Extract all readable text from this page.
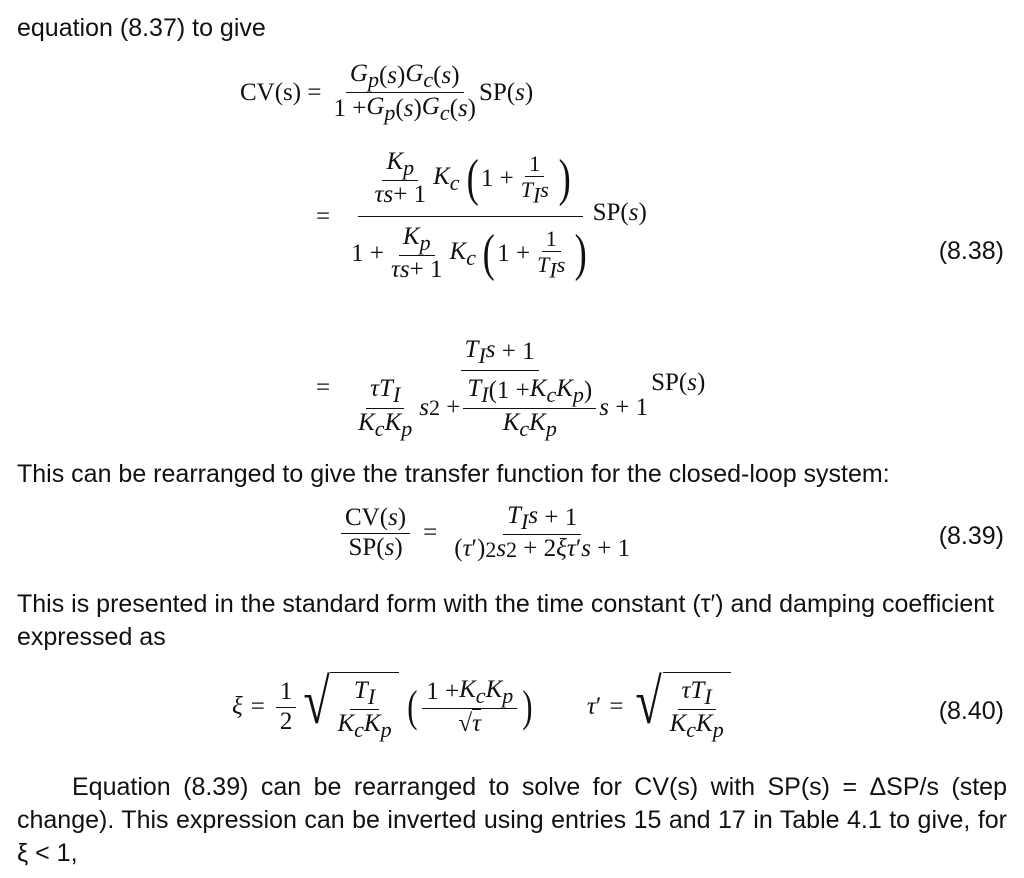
equation (8.37) to give
$CV(s) = \frac{G_p ( s ) G_c ( s )}{1 + G_p ( s ) G_c ( s )} SP(s)$
= $\frac{\frac{K_p}{\tau s + 1} K_c ( 1 + \frac{1}{T_Is} )}{1 + \frac{K_p}{\tau s + 1} K_c ( 1 + \frac{1}{T_Is} )} SP(s)$
(8.38)
= $\frac{T_Is + 1}{\frac{\tau T_I}{K_cK_p} s 2 + \frac{T_I (1 + K_cK_p )}{K_cK_p} s + 1} SP(s)$
This can be rearranged to give the transfer function for the closed-loop system:
$\frac{CV( s )}{SP( s )} = \frac{T_Is + 1}{( \tau ') 2 s 2 + 2 \xi\tau ' s + 1}$	(8.39)
This is presented in the standard form with the time constant (τ′) and damping coefficient expressed as
$\xi = \frac{1}{2}$ √ $\frac{T_I}{K_cK_p}$ ( $\frac{1 + K_cK_p}{√ \tau}$ ) τ ′ = √ $\frac{\tau T_I}{K_cK_p}$	(8.40)
Equation (8.39) can be rearranged to solve for CV(s) with SP(s) = ΔSP/s (step change). This expression can be inverted using entries 15 and 17 in Table 4.1 to give, for ξ < 1,
